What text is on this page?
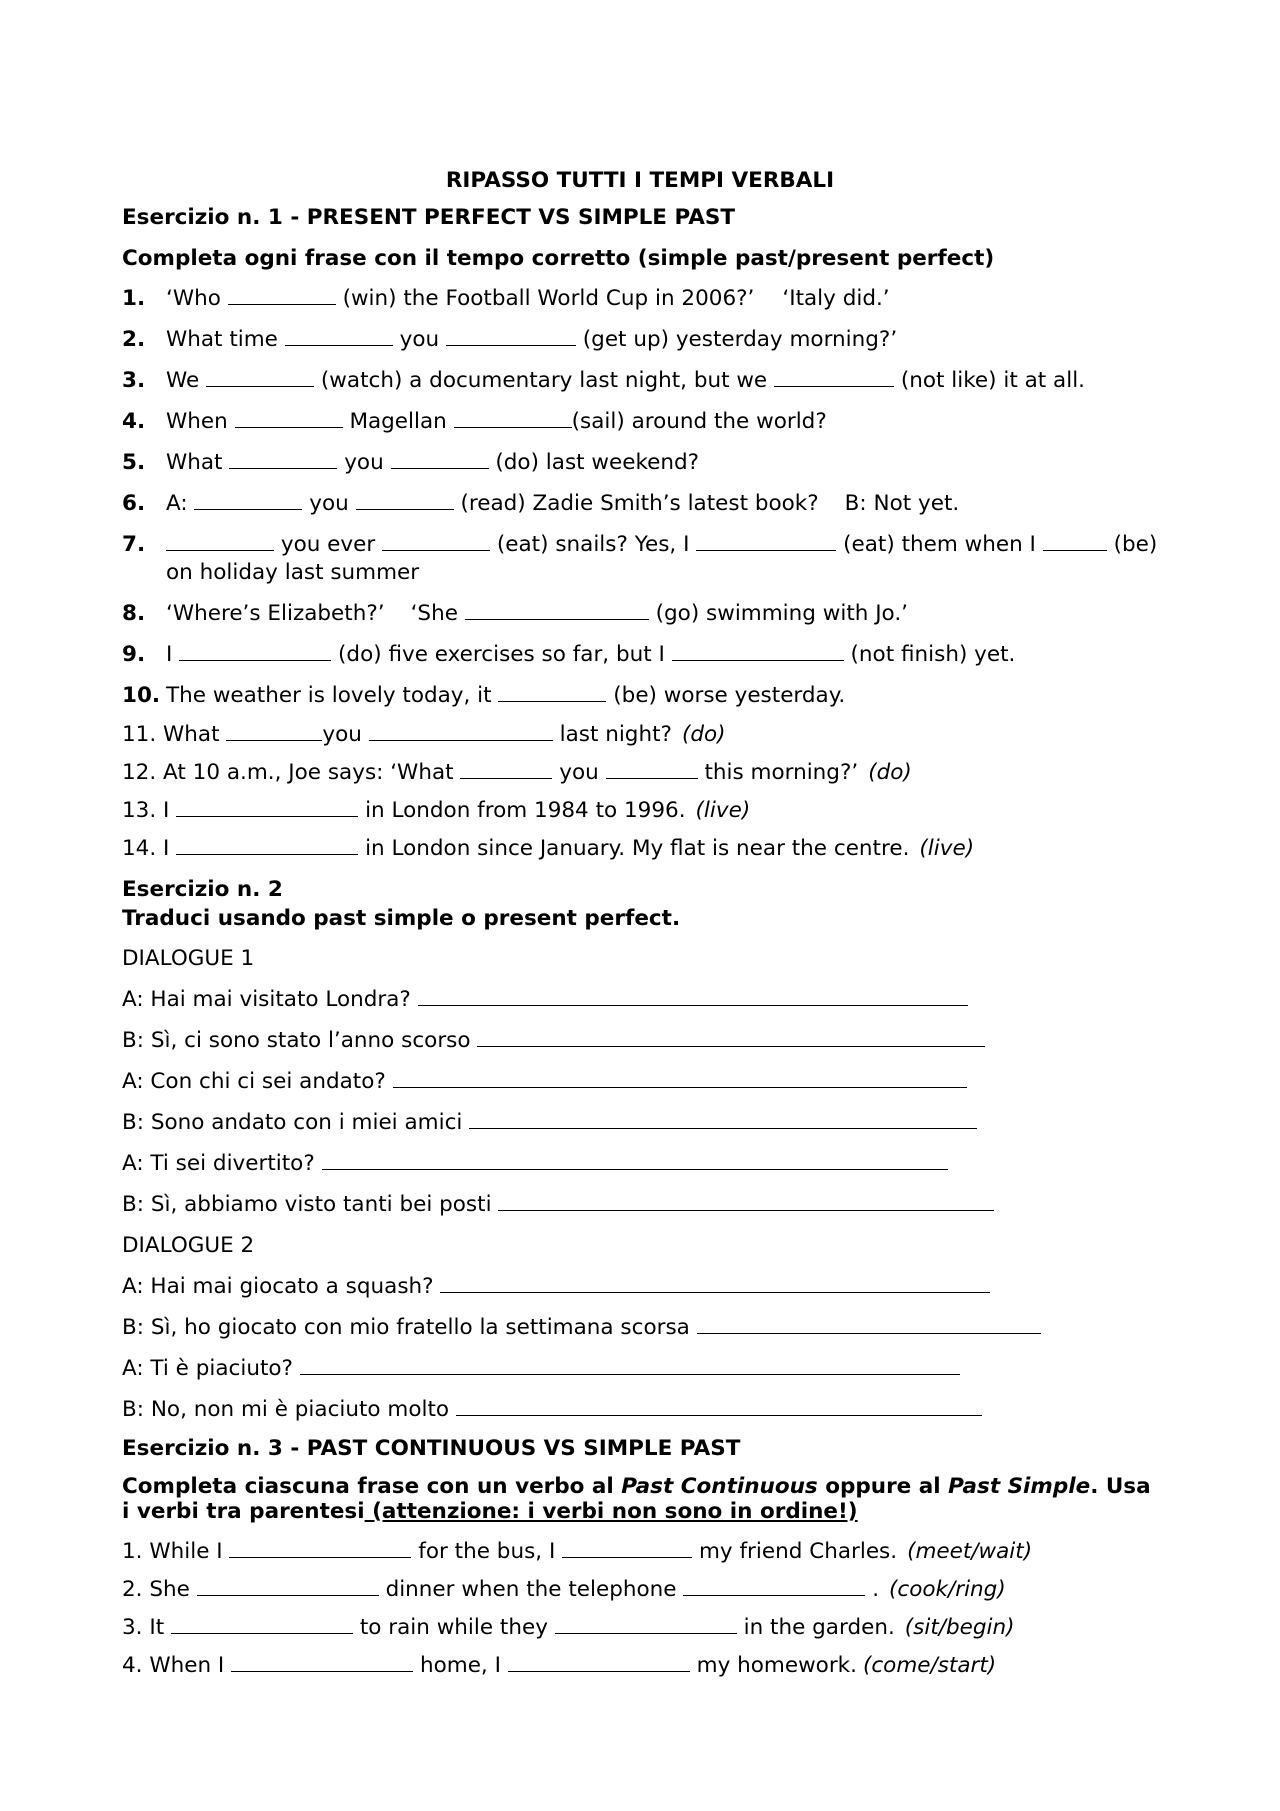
RIPASSO TUTTI I TEMPI VERBALI
Esercizio n. 1 - PRESENT PERFECT VS SIMPLE PAST
Completa ogni frase con il tempo corretto (simple past/present perfect)
1. ‘Who	(win) the Football World Cup in 2006?’ ‘Italy did.’
2. What time	you	(get up) yesterday morning?’
3. We	(watch) a documentary last night, but we	(not like) it at all.
4. When	Magellan	(sail) around the world?
5. What	you	(do) last weekend?
6. A:	you	(read) Zadie Smith’s latest book? B: Not yet.
7.	you ever	(eat) snails? Yes, I	(eat) them when I	(be)
on holiday last summer
8. ‘Where’s Elizabeth?’ ‘She	(go) swimming with Jo.’
9. I	(do) five exercises so far, but I	(not finish) yet.
10. The weather is lovely today, it	(be) worse yesterday.
11. What	you	last night? (do)
12. At 10 a.m., Joe says: ‘What	you	this morning?’ (do)
13. I	in London from 1984 to 1996. (live)
14. I	in London since January. My flat is near the centre. (live)
Esercizio n. 2
Traduci usando past simple o present perfect.
DIALOGUE 1
A: Hai mai visitato Londra?
B: Sì, ci sono stato l’anno scorso
A: Con chi ci sei andato?
B: Sono andato con i miei amici
A: Ti sei divertito?
B: Sì, abbiamo visto tanti bei posti
DIALOGUE 2
A: Hai mai giocato a squash?
B: Sì, ho giocato con mio fratello la settimana scorsa
A: Ti è piaciuto?
B: No, non mi è piaciuto molto
Esercizio n. 3 - PAST CONTINUOUS VS SIMPLE PAST
Completa ciascuna frase con un verbo al Past Continuous oppure al Past Simple. Usa
i verbi tra parentesi (attenzione: i verbi non sono in ordine!)
1. While I	for the bus, I	my friend Charles. (meet/wait)
2. She	dinner when the telephone	. (cook/ring)
3. It	to rain while they	in the garden. (sit/begin)
4. When I	home, I	my homework. (come/start)
